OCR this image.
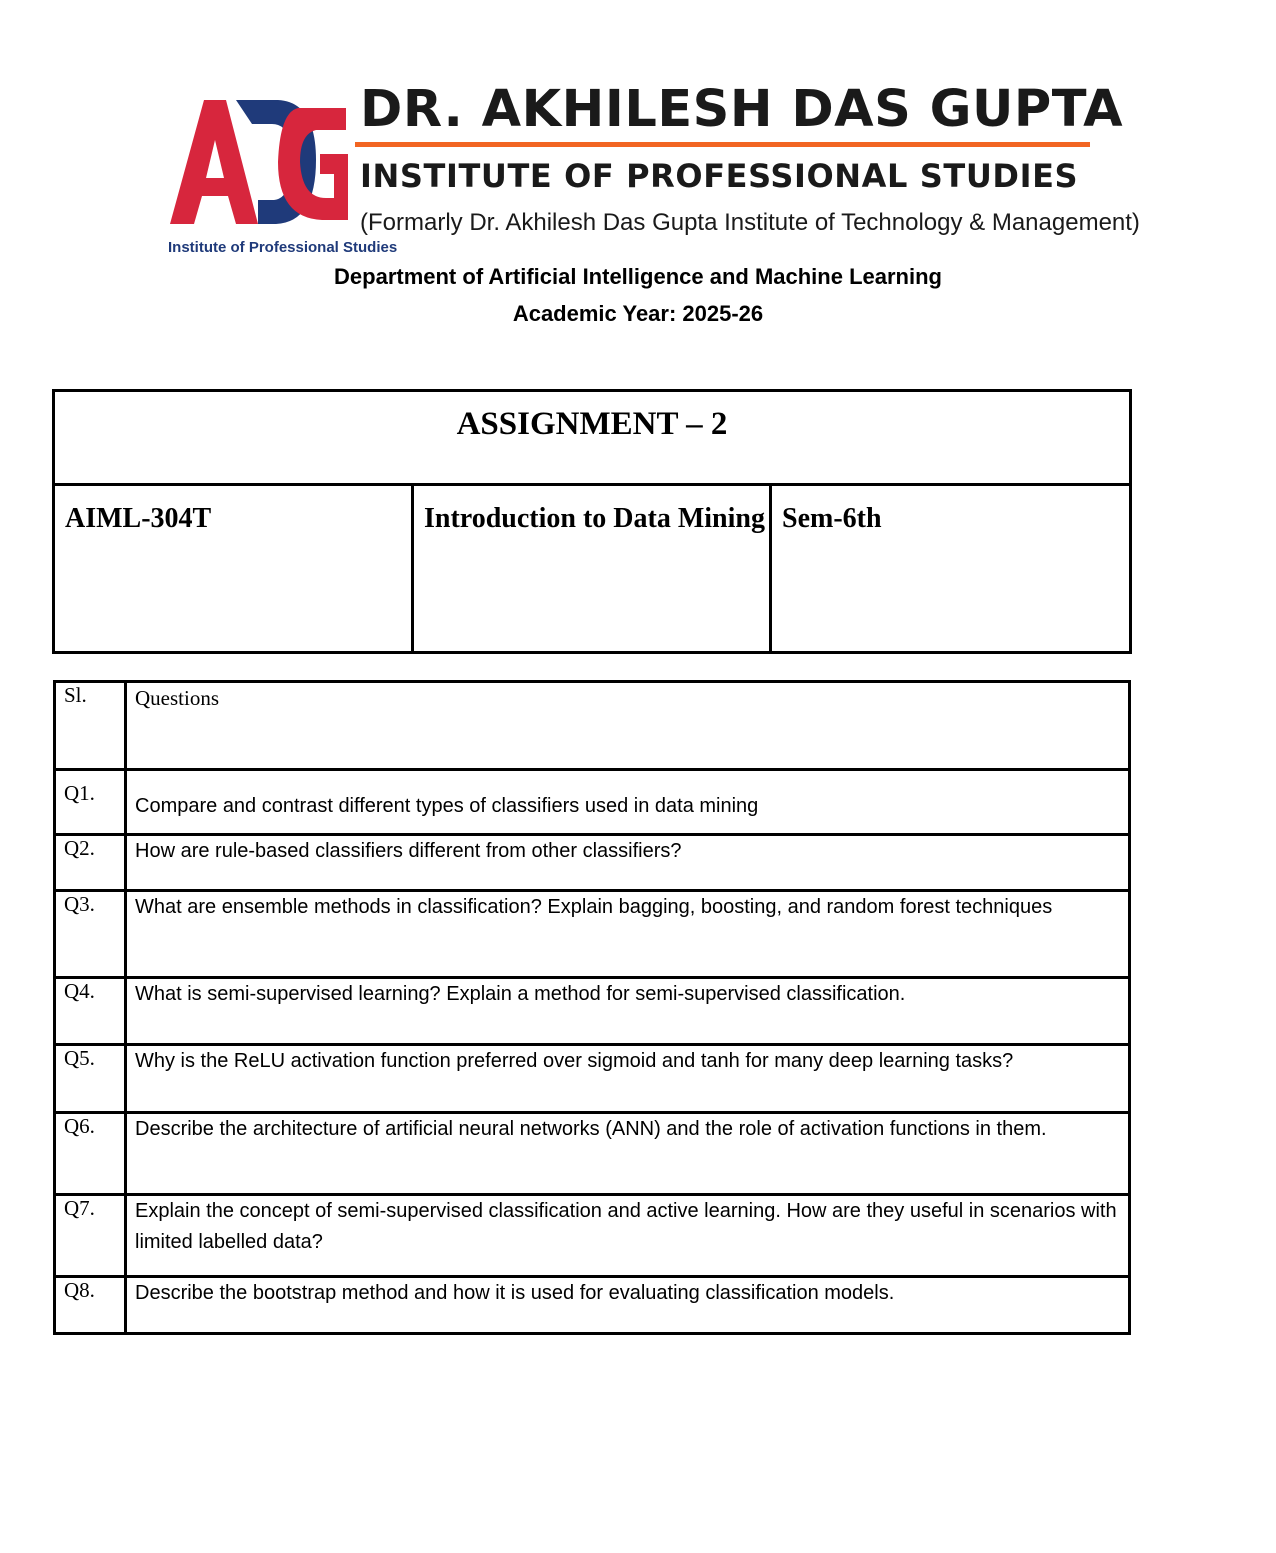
Institute of Professional Studies
DR. AKHILESH DAS GUPTA
INSTITUTE OF PROFESSIONAL STUDIES
(Formarly Dr. Akhilesh Das Gupta Institute of Technology & Management)
Department of Artificial Intelligence and Machine Learning
Academic Year: 2025-26
ASSIGNMENT – 2
AIML-304T	Introduction to Data Mining Sem-6th
Sl.	Questions
Q1.	Compare and contrast different types of classifiers used in data mining
Q2.	How are rule-based classifiers different from other classifiers?
Q3.	What are ensemble methods in classification? Explain bagging, boosting, and random forest techniques
Q4.	What is semi-supervised learning? Explain a method for semi-supervised classification.
Q5.	Why is the ReLU activation function preferred over sigmoid and tanh for many deep learning tasks?
Q6.	Describe the architecture of artificial neural networks (ANN) and the role of activation functions in them.
Q7.	Explain the concept of semi-supervised classification and active learning. How are they useful in scenarios with limited labelled data?
Q8.	Describe the bootstrap method and how it is used for evaluating classification models.
